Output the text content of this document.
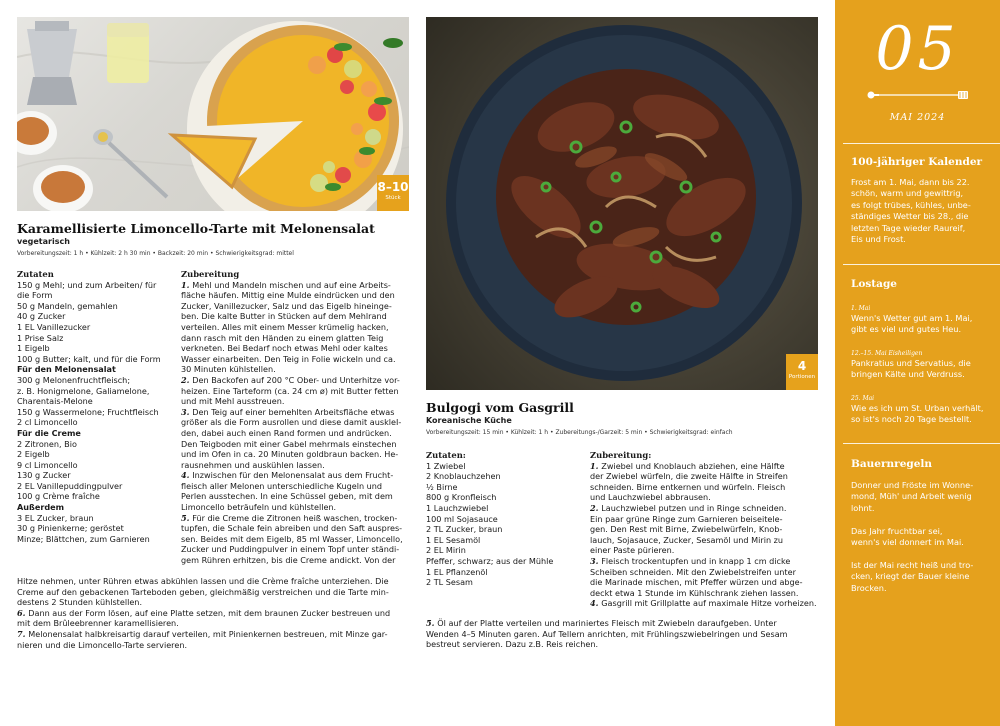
8–10
Stück
4
Portionen
Karamellisierte Limoncello-Tarte mit Melonensalat
vegetarisch
Vorbereitungszeit: 1 h • Kühlzeit: 2 h 30 min • Backzeit: 20 min • Schwierigkeitsgrad: mittel
Zutaten
150 g Mehl; und zum Arbeiten/ für
die Form
50 g Mandeln, gemahlen
40 g Zucker
1 EL Vanillezucker
1 Prise Salz
1 Eigelb
100 g Butter; kalt, und für die Form
Für den Melonensalat
300 g Melonenfruchtfleisch;
z. B. Honigmelone, Galiamelone,
Charentais-Melone
150 g Wassermelone; Fruchtfleisch
2 cl Limoncello
Für die Creme
2 Zitronen, Bio
2 Eigelb
9 cl Limoncello
130 g Zucker
2 EL Vanillepuddingpulver
100 g Crème fraîche
Außerdem
3 EL Zucker, braun
30 g Pinienkerne; geröstet
Minze; Blättchen, zum Garnieren
Zubereitung
1. Mehl und Mandeln mischen und auf eine Arbeits-
fläche häufen. Mittig eine Mulde eindrücken und den
Zucker, Vanillezucker, Salz und das Eigelb hineinge-
ben. Die kalte Butter in Stücken auf dem Mehlrand
verteilen. Alles mit einem Messer krümelig hacken,
dann rasch mit den Händen zu einem glatten Teig
verkneten. Bei Bedarf noch etwas Mehl oder kaltes
Wasser einarbeiten. Den Teig in Folie wickeln und ca.
30 Minuten kühlstellen.
2. Den Backofen auf 200 °C Ober- und Unterhitze vor-
heizen. Eine Tarteform (ca. 24 cm ø) mit Butter fetten
und mit Mehl ausstreuen.
3. Den Teig auf einer bemehlten Arbeitsfläche etwas
größer als die Form ausrollen und diese damit auskleI-
den, dabei auch einen Rand formen und andrücken.
Den Teigboden mit einer Gabel mehrmals einstechen
und im Ofen in ca. 20 Minuten goldbraun backen. He-
rausnehmen und auskühlen lassen.
4. Inzwischen für den Melonensalat aus dem Frucht-
fleisch aller Melonen unterschiedliche Kugeln und
Perlen ausstechen. In eine Schüssel geben, mit dem
Limoncello beträufeln und kühlstellen.
5. Für die Creme die Zitronen heiß waschen, trocken-
tupfen, die Schale fein abreiben und den Saft auspres-
sen. Beides mit dem Eigelb, 85 ml Wasser, Limoncello,
Zucker und Puddingpulver in einem Topf unter ständi-
gem Rühren erhitzen, bis die Creme andickt. Von der
Hitze nehmen, unter Rühren etwas abkühlen lassen und die Crème fraîche unterziehen. Die
Creme auf den gebackenen Tarteboden geben, gleichmäßig verstreichen und die Tarte min-
destens 2 Stunden kühlstellen.
6. Dann aus der Form lösen, auf eine Platte setzen, mit dem braunen Zucker bestreuen und
mit dem Brûleebrenner karamellisieren.
7. Melonensalat halbkreisartig darauf verteilen, mit Pinienkernen bestreuen, mit Minze gar-
nieren und die Limoncello-Tarte servieren.
Bulgogi vom Gasgrill
Koreanische Küche
Vorbereitungszeit: 15 min • Kühlzeit: 1 h • Zubereitungs-/Garzeit: 5 min • Schwierigkeitsgrad: einfach
Zutaten:
1 Zwiebel
2 Knoblauchzehen
½ Birne
800 g Kronfleisch
1 Lauchzwiebel
100 ml Sojasauce
2 TL Zucker, braun
1 EL Sesamöl
2 EL Mirin
Pfeffer, schwarz; aus der Mühle
1 EL Pflanzenöl
2 TL Sesam
Zubereitung:
1. Zwiebel und Knoblauch abziehen, eine Hälfte
der Zwiebel würfeln, die zweite Hälfte in Streifen
schneiden. Birne entkernen und würfeln. Fleisch
und Lauchzwiebel abbrausen.
2. Lauchzwiebel putzen und in Ringe schneiden.
Ein paar grüne Ringe zum Garnieren beiseitele-
gen. Den Rest mit Birne, Zwiebelwürfeln, Knob-
lauch, Sojasauce, Zucker, Sesamöl und Mirin zu
einer Paste pürieren.
3. Fleisch trockentupfen und in knapp 1 cm dicke
Scheiben schneiden. Mit den Zwiebelstreifen unter
die Marinade mischen, mit Pfeffer würzen und abge-
deckt etwa 1 Stunde im Kühlschrank ziehen lassen.
4. Gasgrill mit Grillplatte auf maximale Hitze vorheizen.
5. Öl auf der Platte verteilen und mariniertes Fleisch mit Zwiebeln daraufgeben. Unter
Wenden 4–5 Minuten garen. Auf Tellern anrichten, mit Frühlingszwiebelringen und Sesam
bestreut servieren. Dazu z.B. Reis reichen.
05
MAI 2024
100-jähriger Kalender
Frost am 1. Mai, dann bis 22.
schön, warm und gewittrig,
es folgt trübes, kühles, unbe-
ständiges Wetter bis 28., die
letzten Tage wieder Raureif,
Eis und Frost.
Lostage
1. Mai
Wenn's Wetter gut am 1. Mai,
gibt es viel und gutes Heu.
12.–15. Mai Eisheiligen
Pankratius und Servatius, die
bringen Kälte und Verdruss.
25. Mai
Wie es ich um St. Urban verhält,
so ist's noch 20 Tage bestellt.
Bauernregeln
Donner und Fröste im Wonne-
mond, Müh' und Arbeit wenig
lohnt.
Das Jahr fruchtbar sei,
wenn's viel donnert im Mai.
Ist der Mai recht heiß und tro-
cken, kriegt der Bauer kleine
Brocken.
